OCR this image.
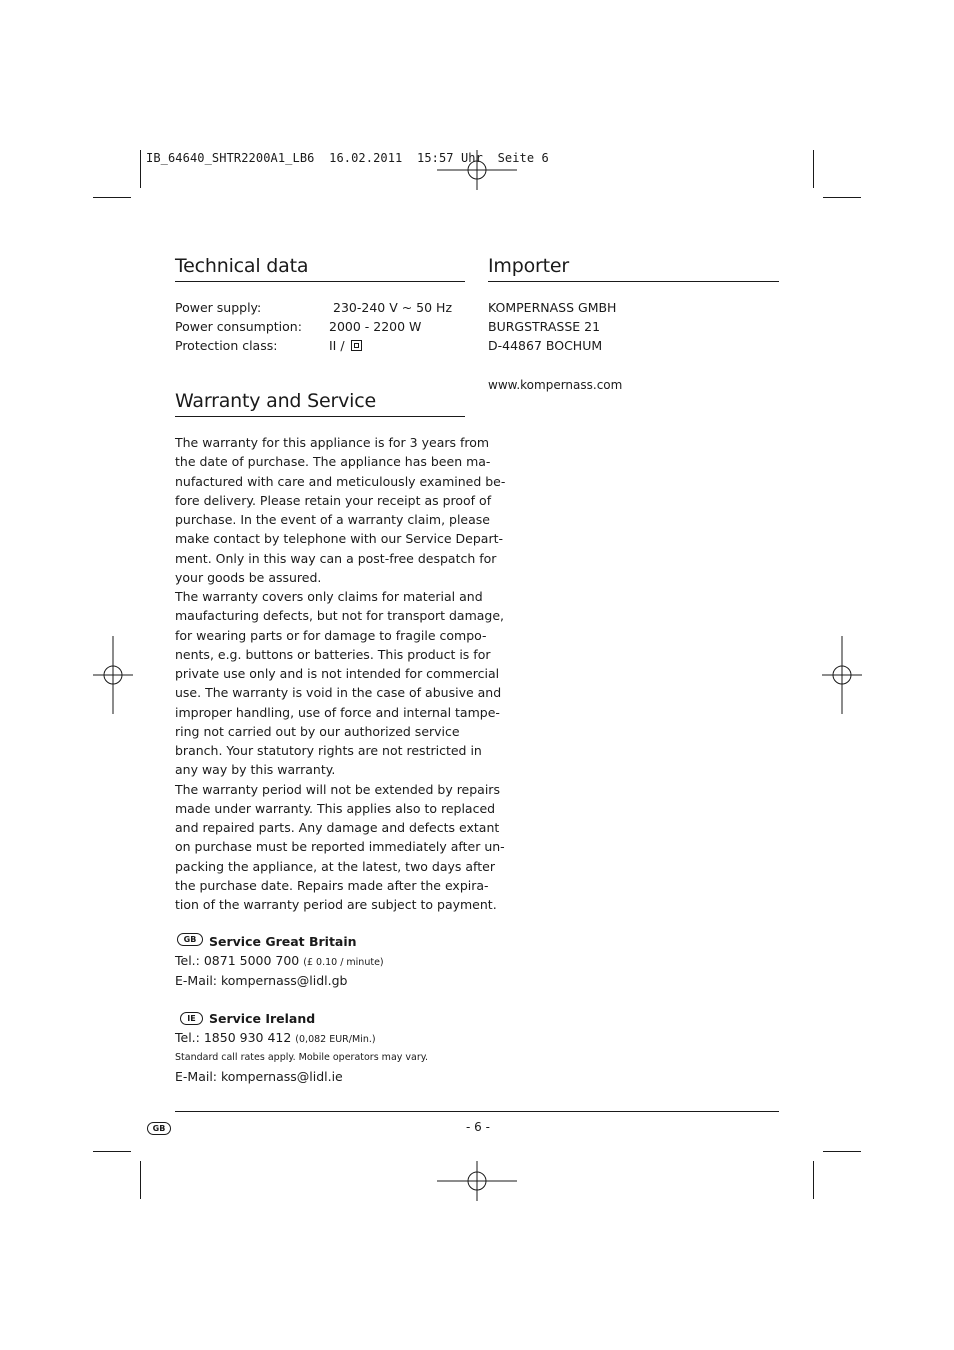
IB_64640_SHTR2200A1_LB6  16.02.2011  15:57 Uhr  Seite 6
Technical data
Power supply:	230-240 V ~ 50 Hz
Power consumption: 2000 - 2200 W
Protection class:	II /
Importer
KOMPERNASS GMBH
BURGSTRASSE 21
D-44867 BOCHUM
www.kompernass.com
Warranty and Service
The warranty for this appliance is for 3 years from
the date of purchase. The appliance has been ma-
nufactured with care and meticulously examined be-
fore delivery. Please retain your receipt as proof of
purchase. In the event of a warranty claim, please
make contact by telephone with our Service Depart-
ment. Only in this way can a post-free despatch for
your goods be assured.
The warranty covers only claims for material and
maufacturing defects, but not for transport damage,
for wearing parts or for damage to fragile compo-
nents, e.g. buttons or batteries. This product is for
private use only and is not intended for commercial
use. The warranty is void in the case of abusive and
improper handling, use of force and internal tampe-
ring not carried out by our authorized service
branch. Your statutory rights are not restricted in
any way by this warranty.
The warranty period will not be extended by repairs
made under warranty. This applies also to replaced
and repaired parts. Any damage and defects extant
on purchase must be reported immediately after un-
packing the appliance, at the latest, two days after
the purchase date. Repairs made after the expira-
tion of the warranty period are subject to payment.
GB	Service Great Britain
Tel.: 0871 5000 700 (£ 0.10 / minute)
E-Mail: kompernass@lidl.gb
IE	Service Ireland
Tel.: 1850 930 412 (0,082 EUR/Min.)
Standard call rates apply. Mobile operators may vary.
E-Mail: kompernass@lidl.ie
GB	- 6 -
